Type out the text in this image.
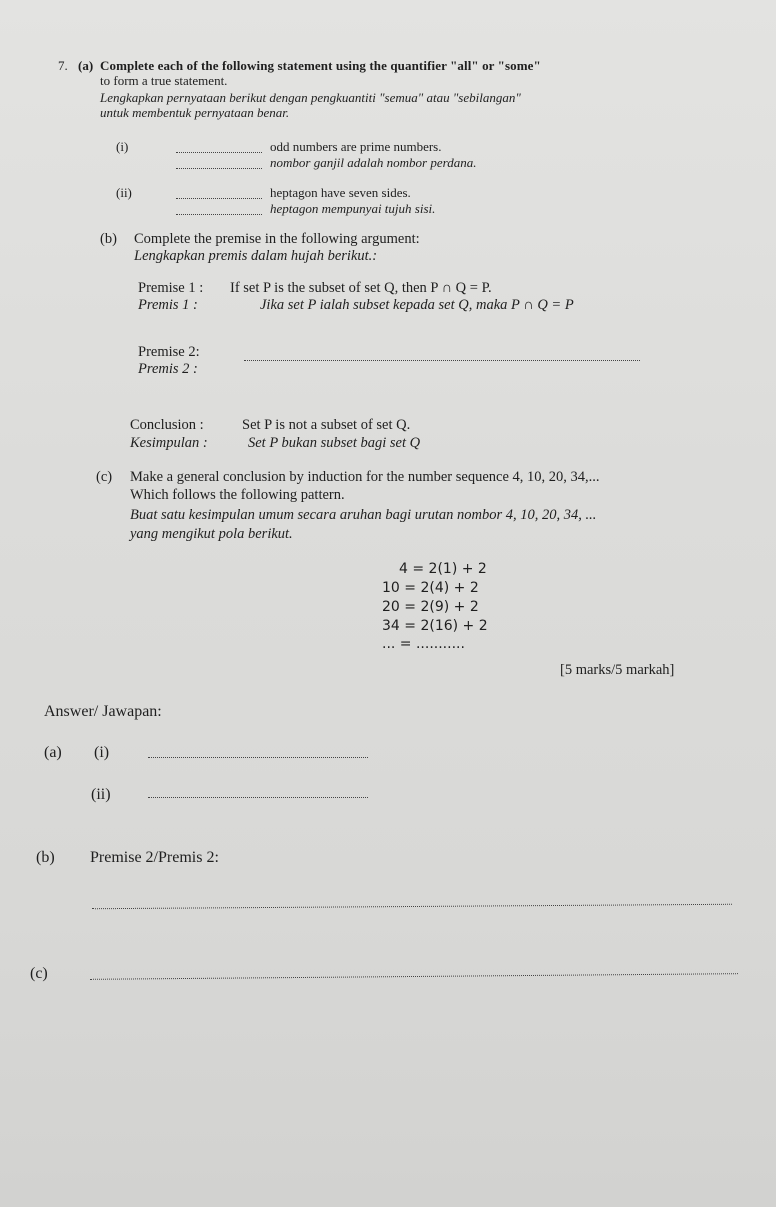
7. (a) Complete each of the following statement using the quantifier "all" or "some"
to form a true statement.
Lengkapkan pernyataan berikut dengan pengkuantiti "semua" atau "sebilangan"
untuk membentuk pernyataan benar.
(i)	odd numbers are prime numbers.
nombor ganjil adalah nombor perdana.
(ii)	heptagon have seven sides.
heptagon mempunyai tujuh sisi.
(b) Complete the premise in the following argument:
Lengkapkan premis dalam hujah berikut.:
Premise 1 : If set P is the subset of set Q, then P ∩ Q = P.
Premis 1 :	Jika set P ialah subset kepada set Q, maka P ∩ Q = P
Premise 2:
Premis 2 :
Conclusion :	Set P is not a subset of set Q.
Kesimpulan :	Set P bukan subset bagi set Q
(c) Make a general conclusion by induction for the number sequence 4, 10, 20, 34,...
Which follows the following pattern.
Buat satu kesimpulan umum secara aruhan bagi urutan nombor 4, 10, 20, 34, ...
yang mengikut pola berikut.
4 = 2(1) + 2
10 = 2(4) + 2
20 = 2(9) + 2
34 = 2(16) + 2
... = ...........
[5 marks/5 markah]
Answer/ Jawapan:
(a) (i)
(ii)
(b) Premise 2/Premis 2:
(c)
